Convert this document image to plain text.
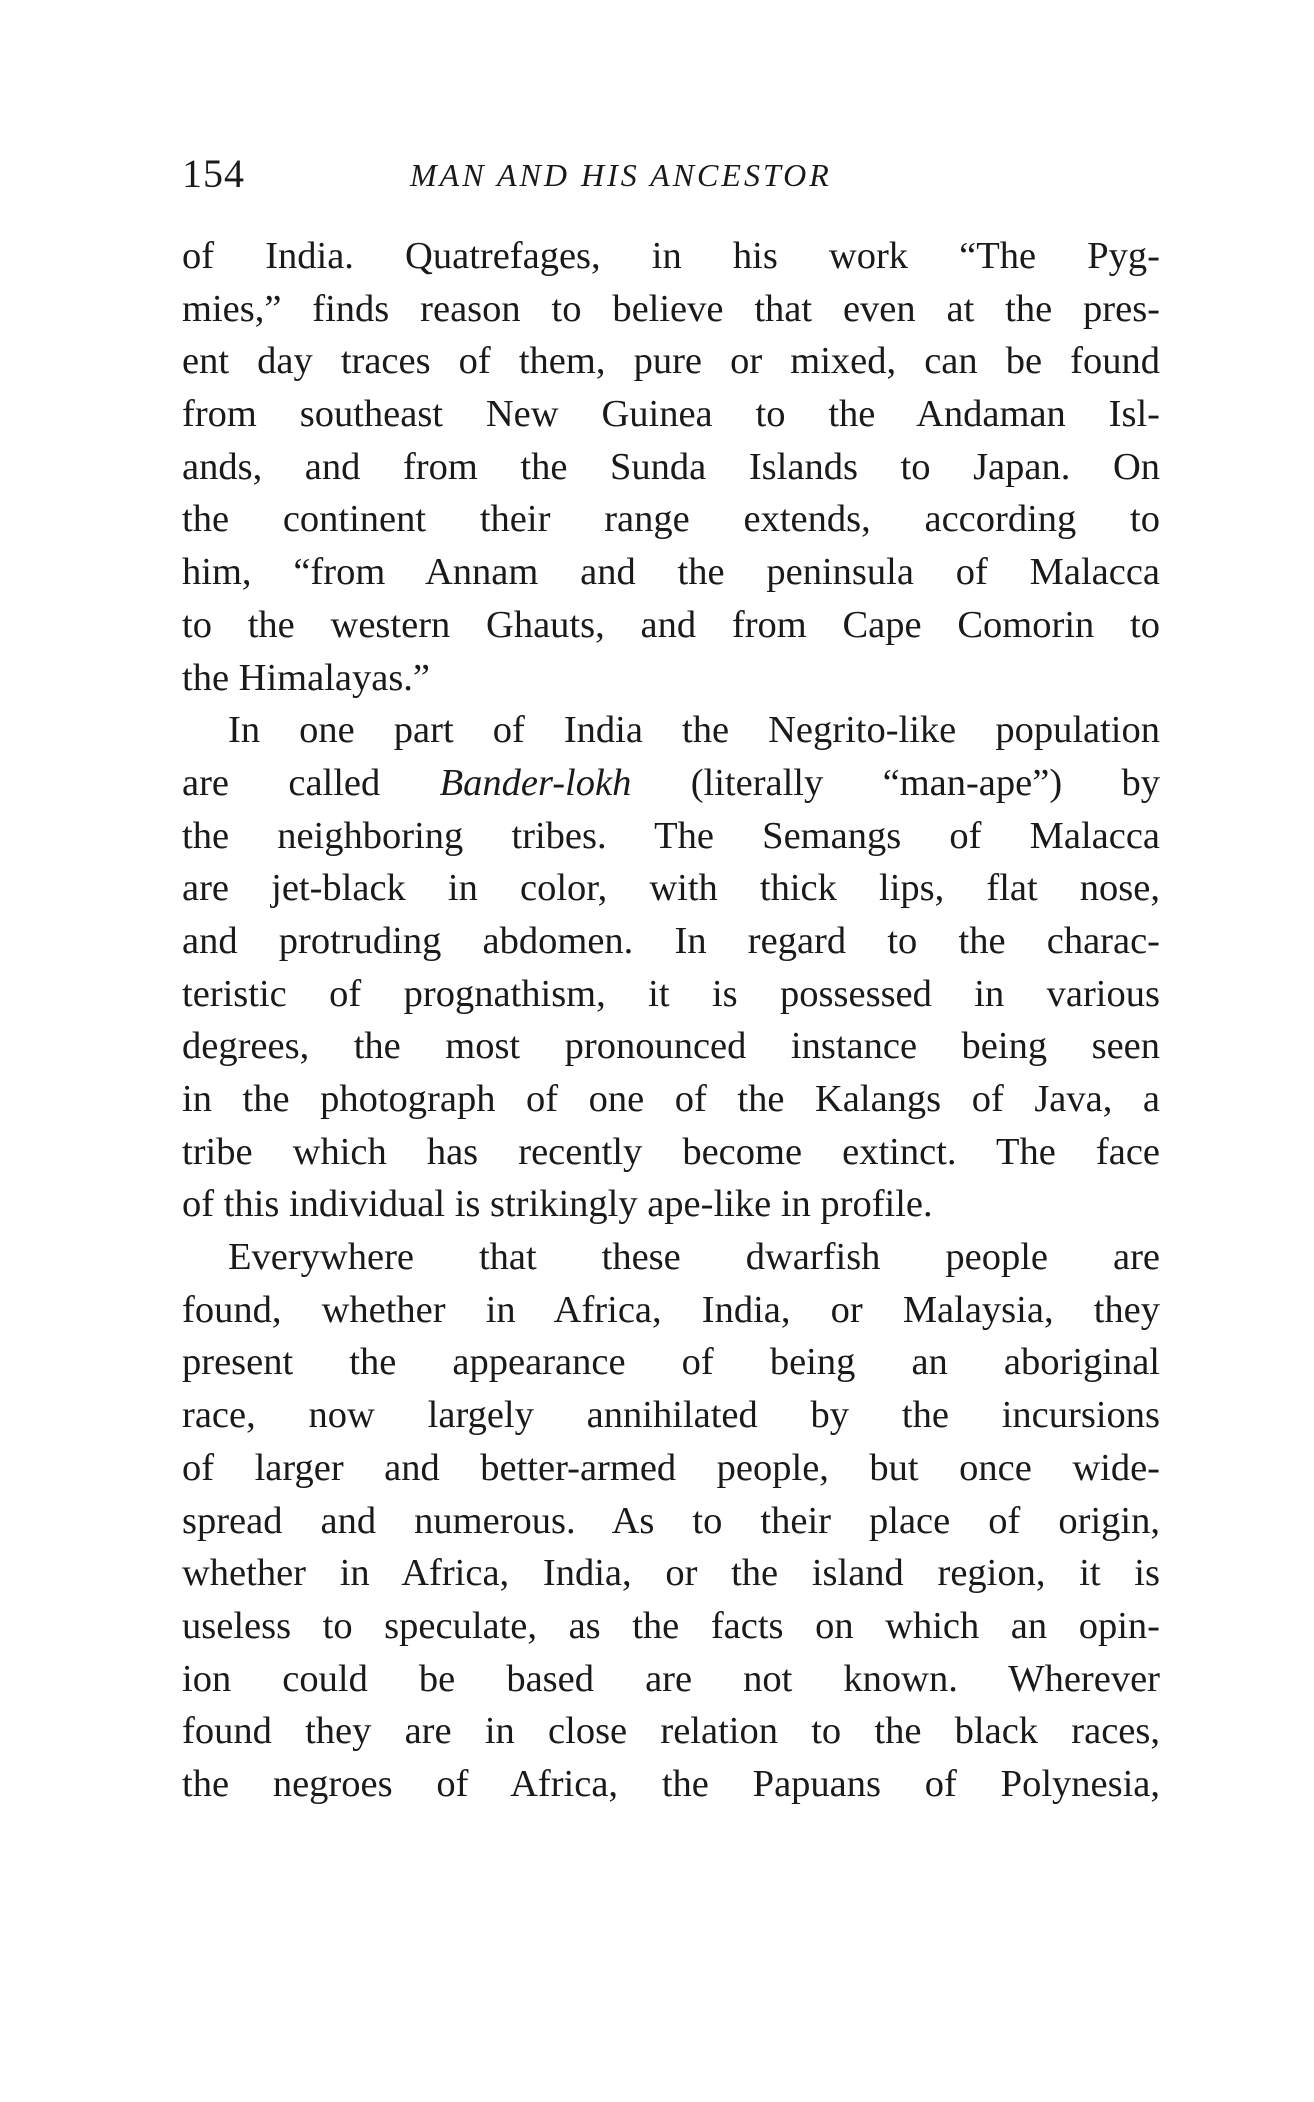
154	MAN AND HIS ANCESTOR
of India. Quatrefages, in his work “The Pyg-
mies,” finds reason to believe that even at the pres-
ent day traces of them, pure or mixed, can be found
from southeast New Guinea to the Andaman Isl-
ands, and from the Sunda Islands to Japan. On
the continent their range extends, according to
him, “from Annam and the peninsula of Malacca
to the western Ghauts, and from Cape Comorin to
the Himalayas.”
In one part of India the Negrito-like population
are called Bander-lokh (literally “man-ape”) by
the neighboring tribes. The Semangs of Malacca
are jet-black in color, with thick lips, flat nose,
and protruding abdomen. In regard to the charac-
teristic of prognathism, it is possessed in various
degrees, the most pronounced instance being seen
in the photograph of one of the Kalangs of Java, a
tribe which has recently become extinct. The face
of this individual is strikingly ape-like in profile.
Everywhere that these dwarfish people are
found, whether in Africa, India, or Malaysia, they
present the appearance of being an aboriginal
race, now largely annihilated by the incursions
of larger and better-armed people, but once wide-
spread and numerous. As to their place of origin,
whether in Africa, India, or the island region, it is
useless to speculate, as the facts on which an opin-
ion could be based are not known. Wherever
found they are in close relation to the black races,
the negroes of Africa, the Papuans of Polynesia,
